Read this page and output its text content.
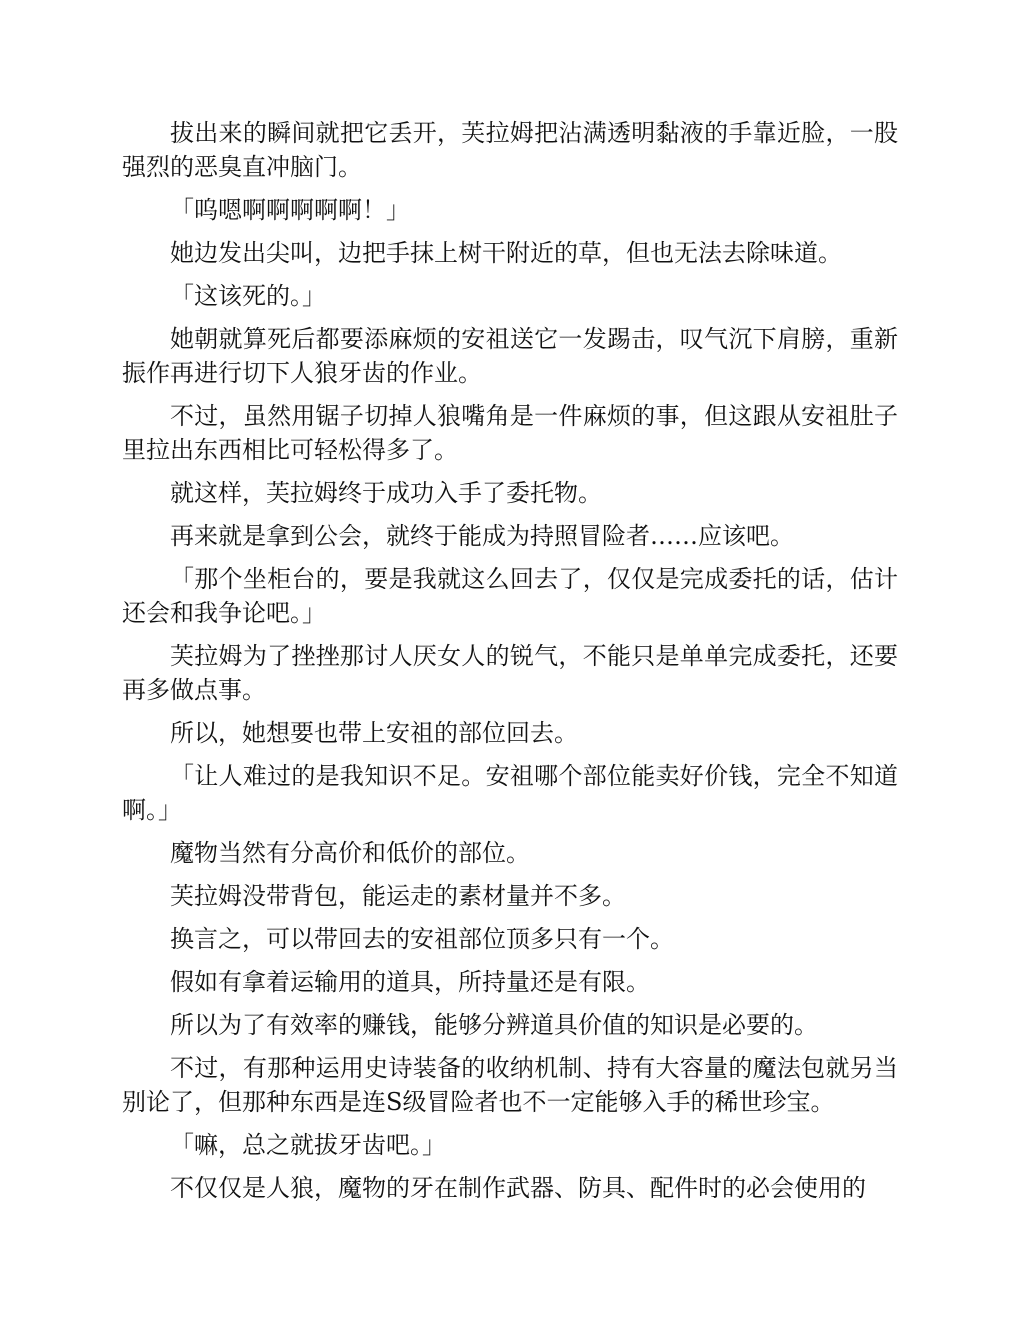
拔出来的瞬间就把它丢开，芙拉姆把沾满透明黏液的手靠近脸，一股强烈的恶臭直冲脑门。

「呜嗯啊啊啊啊啊！」

她边发出尖叫，边把手抹上树干附近的草，但也无法去除味道。

「这该死的。」

她朝就算死后都要添麻烦的安祖送它一发踢击，叹气沉下肩膀，重新振作再进行切下人狼牙齿的作业。

不过，虽然用锯子切掉人狼嘴角是一件麻烦的事，但这跟从安祖肚子里拉出东西相比可轻松得多了。

就这样，芙拉姆终于成功入手了委托物。

再来就是拿到公会，就终于能成为持照冒险者……应该吧。

「那个坐柜台的，要是我就这么回去了，仅仅是完成委托的话，估计还会和我争论吧。」

芙拉姆为了挫挫那讨人厌女人的锐气，不能只是单单完成委托，还要再多做点事。

所以，她想要也带上安祖的部位回去。

「让人难过的是我知识不足。安祖哪个部位能卖好价钱，完全不知道啊。」

魔物当然有分高价和低价的部位。

芙拉姆没带背包，能运走的素材量并不多。

换言之，可以带回去的安祖部位顶多只有一个。

假如有拿着运输用的道具，所持量还是有限。

所以为了有效率的赚钱，能够分辨道具价值的知识是必要的。

不过，有那种运用史诗装备的收纳机制、持有大容量的魔法包就另当别论了，但那种东西是连S级冒险者也不一定能够入手的稀世珍宝。

「嘛，总之就拔牙齿吧。」

不仅仅是人狼，魔物的牙在制作武器、防具、配件时的必会使用的
